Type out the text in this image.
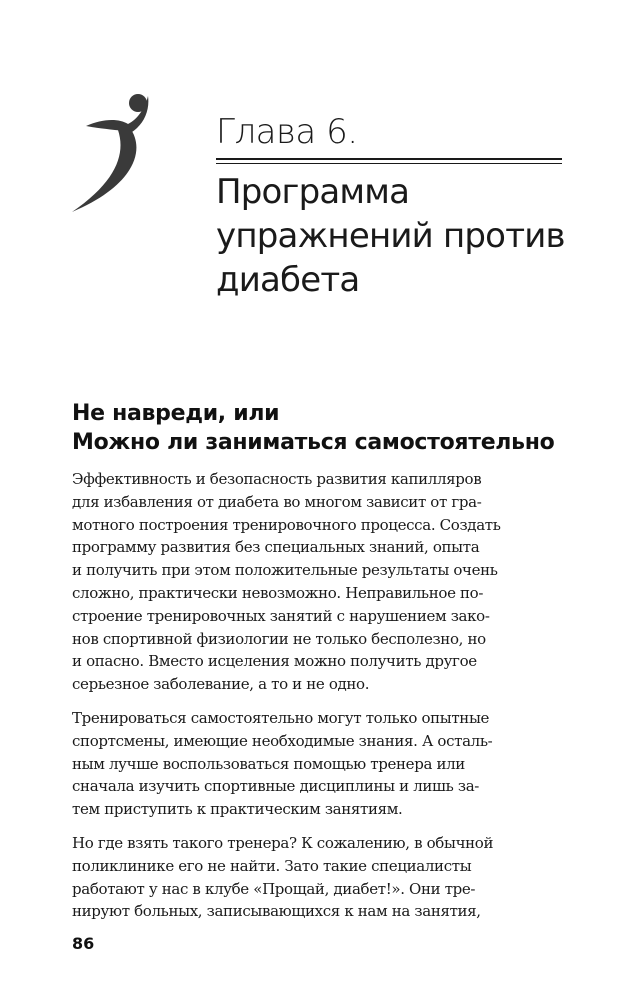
Глава 6.
Программа
упражнений против
диабета
Не навреди, или
Можно ли заниматься самостоятельно

Эффективность и безопасность развития капилляров
для избавления от диабета во многом зависит от гра-
мотного построения тренировочного процесса. Создать
программу развития без специальных знаний, опыта
и получить при этом положительные результаты очень
сложно, практически невозможно. Неправильное по-
строение тренировочных занятий с нарушением зако-
нов спортивной физиологии не только бесполезно, но
и опасно. Вместо исцеления можно получить другое
серьезное заболевание, а то и не одно.

Тренироваться самостоятельно могут только опытные
спортсмены, имеющие необходимые знания. А осталь-
ным лучше воспользоваться помощью тренера или
сначала изучить спортивные дисциплины и лишь за-
тем приступить к практическим занятиям.

Но где взять такого тренера? К сожалению, в обычной
поликлинике его не найти. Зато такие специалисты
работают у нас в клубе «Прощай, диабет!». Они тре-
нируют больных, записывающихся к нам на занятия,

86
